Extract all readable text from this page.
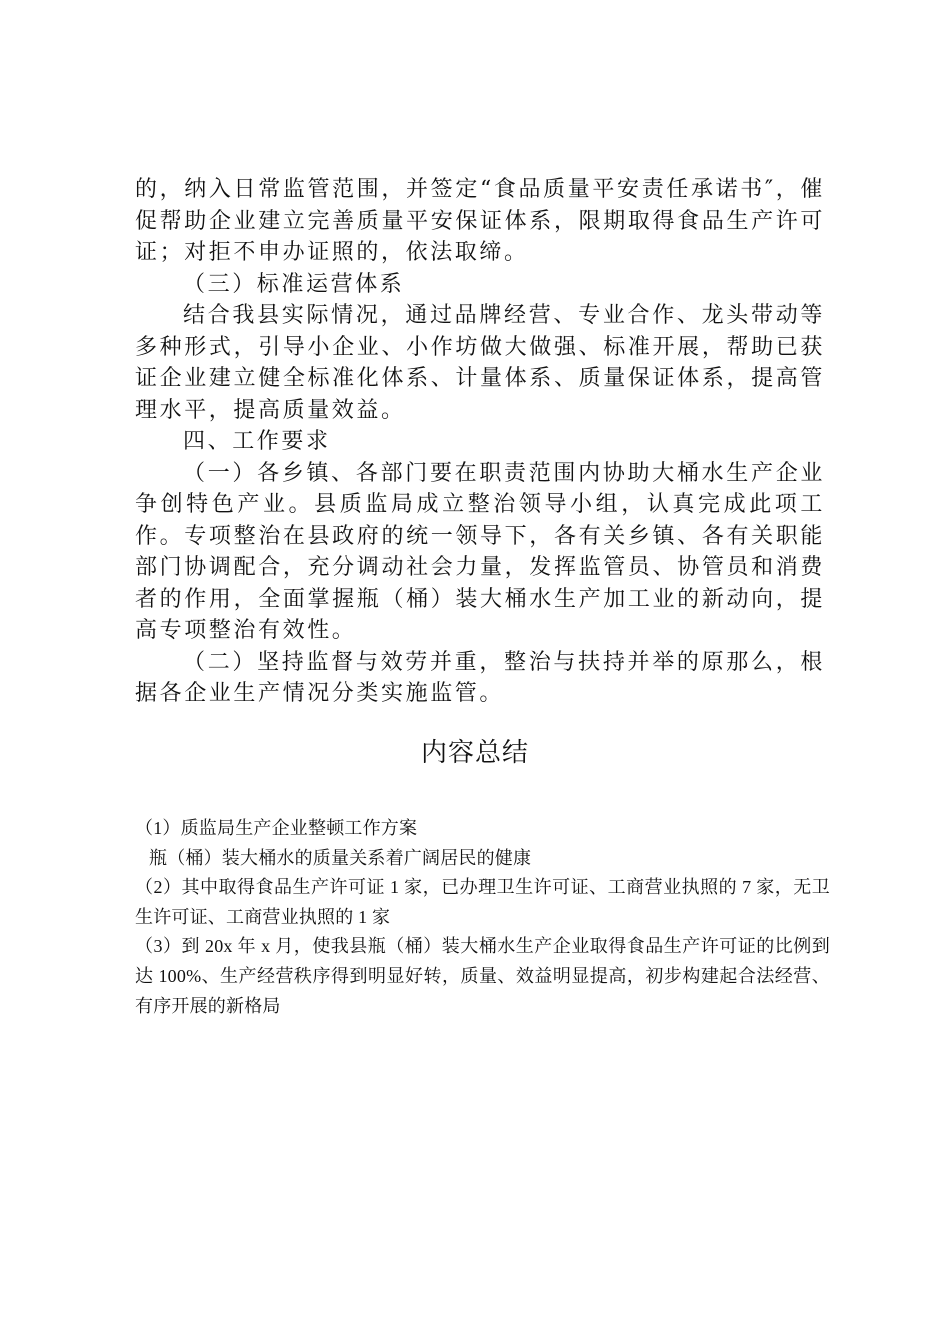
的，纳入日常监管范围，并签定“食品质量平安责任承诺书″，催促帮助企业建立完善质量平安保证体系，限期取得食品生产许可证；对拒不申办证照的，依法取缔。

（三）标准运营体系

结合我县实际情况，通过品牌经营、专业合作、龙头带动等多种形式，引导小企业、小作坊做大做强、标准开展，帮助已获证企业建立健全标准化体系、计量体系、质量保证体系，提高管理水平，提高质量效益。

四、工作要求

（一）各乡镇、各部门要在职责范围内协助大桶水生产企业争创特色产业。县质监局成立整治领导小组，认真完成此项工作。专项整治在县政府的统一领导下，各有关乡镇、各有关职能部门协调配合，充分调动社会力量，发挥监管员、协管员和消费者的作用，全面掌握瓶（桶）装大桶水生产加工业的新动向，提高专项整治有效性。

（二）坚持监督与效劳并重，整治与扶持并举的原那么，根据各企业生产情况分类实施监管。

内容总结

（1）质监局生产企业整顿工作方案

瓶（桶）装大桶水的质量关系着广阔居民的健康

（2）其中取得食品生产许可证 1 家，已办理卫生许可证、工商营业执照的 7 家，无卫生许可证、工商营业执照的 1 家

（3）到 20x 年 x 月，使我县瓶（桶）装大桶水生产企业取得食品生产许可证的比例到达 100%、生产经营秩序得到明显好转，质量、效益明显提高，初步构建起合法经营、有序开展的新格局
